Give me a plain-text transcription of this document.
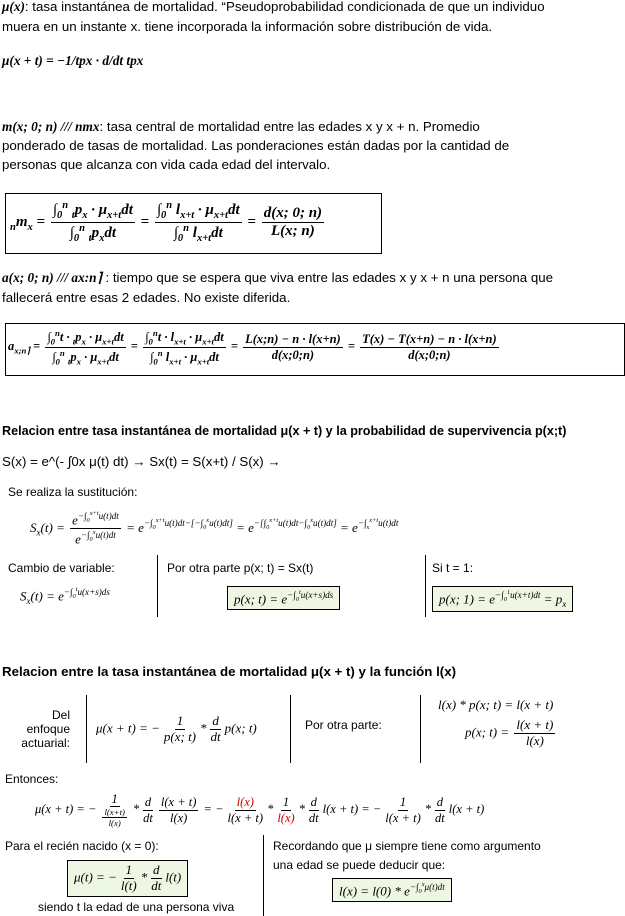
μ(x): tasa instantánea de mortalidad. “Pseudoprobabilidad condicionada de que un individuo
muera en un instante x. tiene incorporada la información sobre distribución de vida.
μ(x + t) = −1/tpx · d/dt tpx
m(x; 0; n) /// nmx: tasa central de mortalidad entre las edades x y x + n. Promedio
ponderado de tasas de mortalidad. Las ponderaciones están dadas por la cantidad de
personas que alcanza con vida cada edad del intervalo.
$_nm_x = \frac{\int_0^n _tp_x \cdot \mu_{x+t}dt}{\int_0^n _tp_xdt} = \frac{\int_0^n l_{x+t} \cdot \mu_{x+t}dt}{\int_0^n l_{x+t}dt} = \frac{d(x; 0; n)}{L(x; n)}$
a(x; 0; n) /// ax:n⌉ : tiempo que se espera que viva entre las edades x y x + n una persona que
fallecerá entre esas 2 edades. No existe diferida.
$a_{x;n⌉} = \frac{\int_0^nt \cdot _tp_x \cdot \mu_{x+t}dt}{\int_0^n _tp_x \cdot \mu_{x+t}dt} = \frac{\int_0^nt \cdot l_{x+t} \cdot \mu_{x+t}dt}{\int_0^n l_{x+t} \cdot \mu_{x+t}dt} = \frac{L(x;n) - n \cdot l(x+n)}{d(x;0;n)} = \frac{T(x) - T(x+n) - n \cdot l(x+n)}{d(x;0;n)}$
Relacion entre tasa instantánea de mortalidad μ(x + t) y la probabilidad de supervivencia p(x;t)
S(x) = e^(- ∫0x μ(t) dt) → Sx(t) = S(x+t) / S(x) →
Se realiza la sustitución:
$S_x(t) = \frac{e^{-\int_0^{x+t}u(t)dt}}{e^{-\int_0^xu(t)dt}} = e^{-\int_0^{x+t}u(t)dt-[-\int_0^xu(t)dt]} = e^{-[\int_0^{x+t}u(t)dt-\int_0^xu(t)dt]} = e^{-\int_x^{x+t}u(t)dt}$
Cambio de variable:
$S_x(t) = e^{-\int_0^tu(x+s)ds}$
Por otra parte p(x; t) = Sx(t)
p(x; $t) = e^{-\int_0^tu(x+s)ds}$
Si t = 1:
p(x; $1) = e^{-\int_0^1u(x+t)dt} = p_x$
Relacion entre la tasa instantánea de mortalidad μ(x + t) y la función l(x)
Del enfoque
actuarial:
μ(x + t) = − $\frac{1}{p(x; t)} * \frac{d}{dt} p(x$; t)	Por otra parte:
l(x) * p(x; t) = l(x + t)
p(x; $t) = \frac{l(x + t)}{l(x)}$
Entonces:
μ(x + t) = − $\frac{1}{\frac{l(x+t)}{l(x)}} * \frac{d}{dt} \frac{l(x + t)}{l(x)}$ = − $\frac{l(x)}{l(x + t)} * \frac{1}{l(x)} * \frac{d}{dt} l(x + t)$ = − $\frac{1}{l(x + t)} * \frac{d}{dt} l(x + t)$
Para el recién nacido (x = 0):
μ(t) = − $\frac{1}{l(t)} * \frac{d}{dt} l(t)$
siendo t la edad de una persona viva
Recordando que μ siempre tiene como argumento
una edad se puede deducir que:
$l(x) = l(0) * e^{-\int_0^x\mu(t)dt}$
